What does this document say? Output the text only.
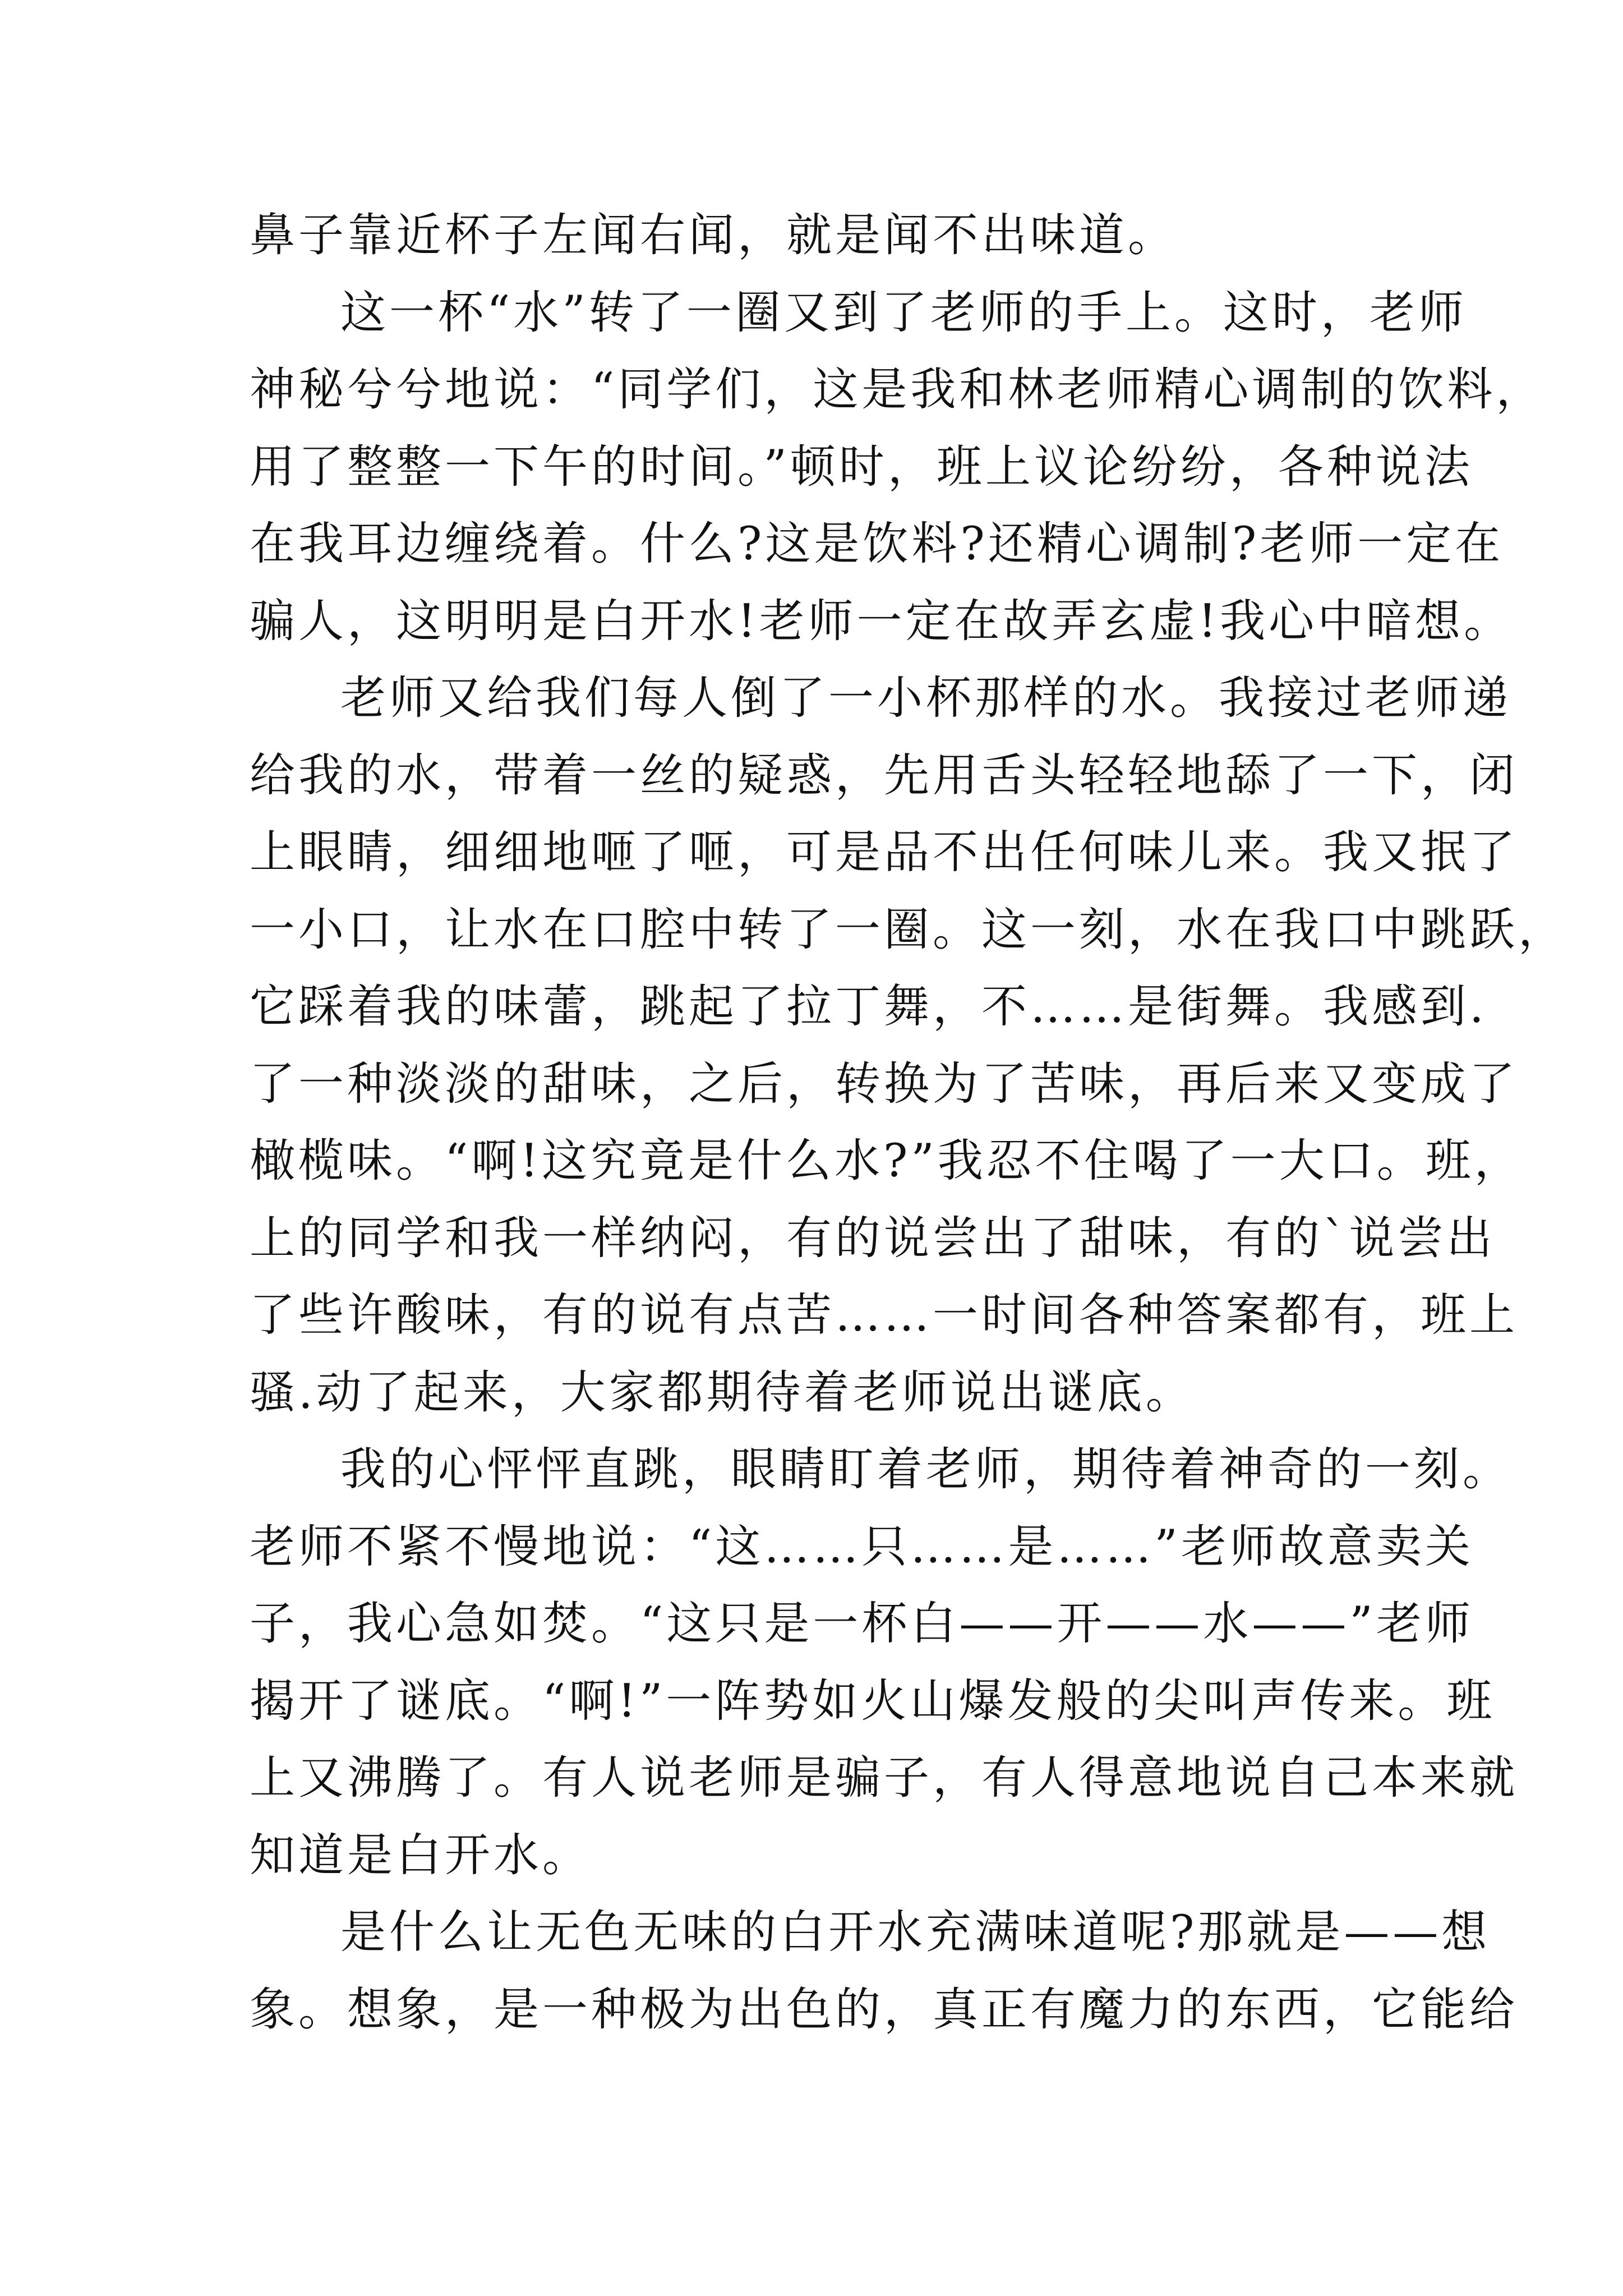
鼻子靠近杯子左闻右闻，就是闻不出味道。
这一杯“水”转了一圈又到了老师的手上。这时，老师
神秘兮兮地说：“同学们，这是我和林老师精心调制的饮料，
用了整整一下午的时间。”顿时，班上议论纷纷，各种说法
在我耳边缠绕着。什么?这是饮料?还精心调制?老师一定在
骗人，这明明是白开水!老师一定在故弄玄虚!我心中暗想。
老师又给我们每人倒了一小杯那样的水。我接过老师递
给我的水，带着一丝的疑惑，先用舌头轻轻地舔了一下，闭
上眼睛，细细地咂了咂，可是品不出任何味儿来。我又抿了
一小口，让水在口腔中转了一圈。这一刻，水在我口中跳跃，
它踩着我的味蕾，跳起了拉丁舞，不……是街舞。我感到.
了一种淡淡的甜味，之后，转换为了苦味，再后来又变成了
橄榄味。“啊!这究竟是什么水?”我忍不住喝了一大口。班，
上的同学和我一样纳闷，有的说尝出了甜味，有的`说尝出
了些许酸味，有的说有点苦……一时间各种答案都有，班上
骚.动了起来，大家都期待着老师说出谜底。
我的心怦怦直跳，眼睛盯着老师，期待着神奇的一刻。
老师不紧不慢地说：“这……只……是……”老师故意卖关
子，我心急如焚。“这只是一杯白——开——水——”老师
揭开了谜底。“啊!”一阵势如火山爆发般的尖叫声传来。班
上又沸腾了。有人说老师是骗子，有人得意地说自己本来就
知道是白开水。
是什么让无色无味的白开水充满味道呢?那就是——想
象。想象，是一种极为出色的，真正有魔力的东西，它能给
